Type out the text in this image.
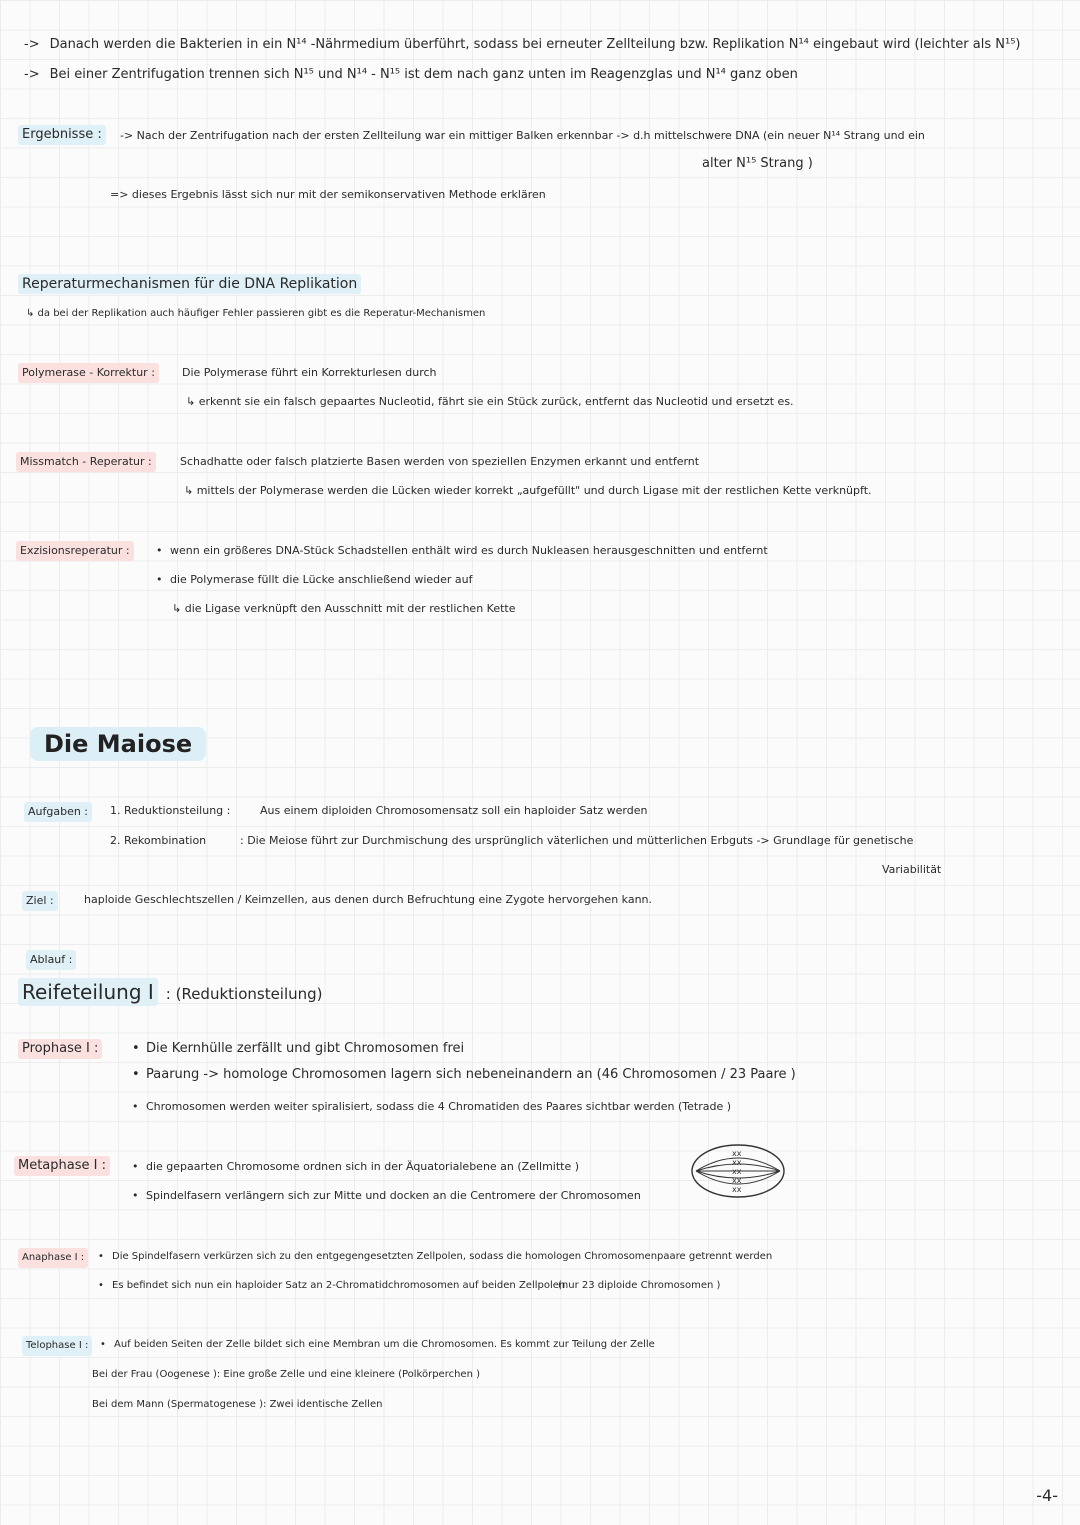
-> Danach werden die Bakterien in ein N¹⁴ -Nährmedium überführt, sodass bei erneuter Zellteilung bzw. Replikation N¹⁴ eingebaut wird (leichter als N¹⁵)
-> Bei einer Zentrifugation trennen sich N¹⁵ und N¹⁴ - N¹⁵ ist dem nach ganz unten im Reagenzglas und N¹⁴ ganz oben
Ergebnisse :	-> Nach der Zentrifugation nach der ersten Zellteilung war ein mittiger Balken erkennbar -> d.h mittelschwere DNA (ein neuer N¹⁴ Strang und ein
alter N¹⁵ Strang )
=> dieses Ergebnis lässt sich nur mit der semikonservativen Methode erklären
Reperaturmechanismen für die DNA Replikation
↳ da bei der Replikation auch häufiger Fehler passieren gibt es die Reperatur-Mechanismen
Polymerase - Korrektur :	Die Polymerase führt ein Korrekturlesen durch
↳ erkennt sie ein falsch gepaartes Nucleotid, fährt sie ein Stück zurück, entfernt das Nucleotid und ersetzt es.
Missmatch - Reperatur :	Schadhatte oder falsch platzierte Basen werden von speziellen Enzymen erkannt und entfernt
↳ mittels der Polymerase werden die Lücken wieder korrekt „aufgefüllt" und durch Ligase mit der restlichen Kette verknüpft.
Exzisionsreperatur :	• wenn ein größeres DNA-Stück Schadstellen enthält wird es durch Nukleasen herausgeschnitten und entfernt
• die Polymerase füllt die Lücke anschließend wieder auf
↳ die Ligase verknüpft den Ausschnitt mit der restlichen Kette
Die Maiose
Aufgaben :	1. Reduktionsteilung :	Aus einem diploiden Chromosomensatz soll ein haploider Satz werden
2. Rekombination	: Die Meiose führt zur Durchmischung des ursprünglich väterlichen und mütterlichen Erbguts -> Grundlage für genetische
Variabilität
Ziel :	haploide Geschlechtszellen / Keimzellen, aus denen durch Befruchtung eine Zygote hervorgehen kann.
Ablauf :
Reifeteilung I : (Reduktionsteilung)
Prophase I :	• Die Kernhülle zerfällt und gibt Chromosomen frei
• Paarung -> homologe Chromosomen lagern sich nebeneinandern an (46 Chromosomen / 23 Paare )
• Chromosomen werden weiter spiralisiert, sodass die 4 Chromatiden des Paares sichtbar werden (Tetrade )
Metaphase I :	• die gepaarten Chromosome ordnen sich in der Äquatorialebene an (Zellmitte )
• Spindelfasern verlängern sich zur Mitte und docken an die Centromere der Chromosomen
xx
xx
xx
xx
xx
Anaphase I :	• Die Spindelfasern verkürzen sich zu den entgegengesetzten Zellpolen, sodass die homologen Chromosomenpaare getrennt werden
• Es befindet sich nun ein haploider Satz an 2-Chromatidchromosomen auf beiden Zellpolen
(nur 23 diploide Chromosomen )
Telophase I :	• Auf beiden Seiten der Zelle bildet sich eine Membran um die Chromosomen. Es kommt zur Teilung der Zelle
Bei der Frau (Oogenese ): Eine große Zelle und eine kleinere (Polkörperchen )
Bei dem Mann (Spermatogenese ): Zwei identische Zellen
-4-
